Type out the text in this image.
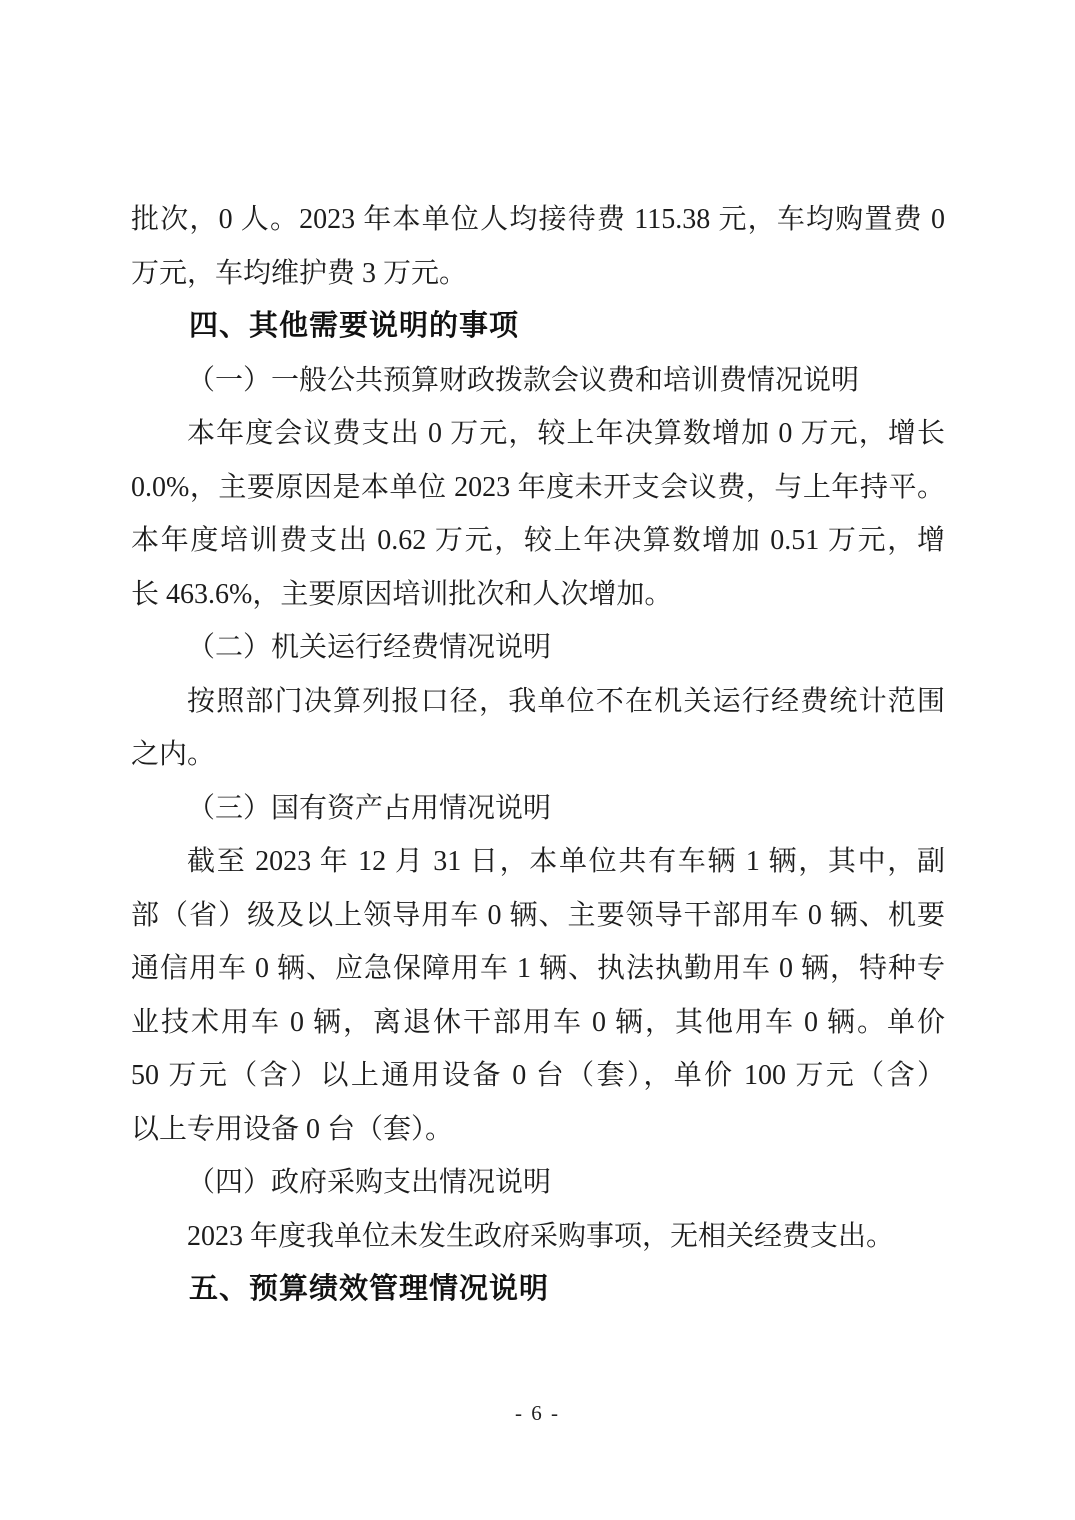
批次，0 人。2023 年本单位人均接待费 115.38 元，车均购置费 0
万元，车均维护费 3 万元。
四、其他需要说明的事项
（一）一般公共预算财政拨款会议费和培训费情况说明
本年度会议费支出 0 万元，较上年决算数增加 0 万元，增长
0.0%，主要原因是本单位 2023 年度未开支会议费，与上年持平。
本年度培训费支出 0.62 万元，较上年决算数增加 0.51 万元，增
长 463.6%，主要原因培训批次和人次增加。
（二）机关运行经费情况说明
按照部门决算列报口径，我单位不在机关运行经费统计范围
之内。
（三）国有资产占用情况说明
截至 2023 年 12 月 31 日，本单位共有车辆 1 辆，其中，副
部（省）级及以上领导用车 0 辆、主要领导干部用车 0 辆、机要
通信用车 0 辆、应急保障用车 1 辆、执法执勤用车 0 辆，特种专
业技术用车 0 辆，离退休干部用车 0 辆，其他用车 0 辆。单价
50 万元（含）以上通用设备 0 台（套），单价 100 万元（含）
以上专用设备 0 台（套）。
（四）政府采购支出情况说明
2023 年度我单位未发生政府采购事项，无相关经费支出。
五、预算绩效管理情况说明
- 6 -
